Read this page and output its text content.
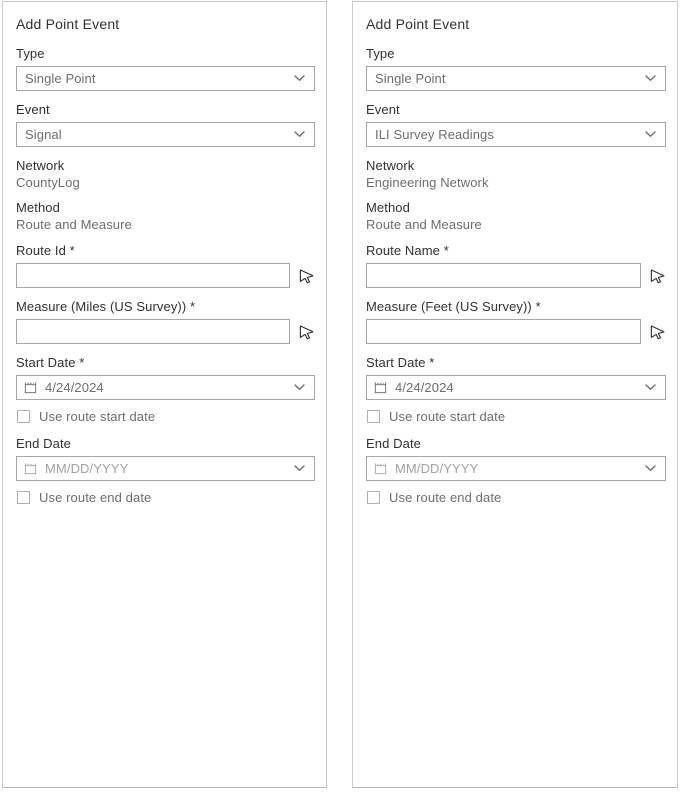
Add Point Event
Type
Single Point
Event
Signal
Network
CountyLog
Method
Route and Measure
Route Id *
Measure (Miles (US Survey)) *
Start Date *
4/24/2024
Use route start date
End Date
MM/DD/YYYY
Use route end date
Add Point Event
Type
Single Point
Event
ILI Survey Readings
Network
Engineering Network
Method
Route and Measure
Route Name *
Measure (Feet (US Survey)) *
Start Date *
4/24/2024
Use route start date
End Date
MM/DD/YYYY
Use route end date
